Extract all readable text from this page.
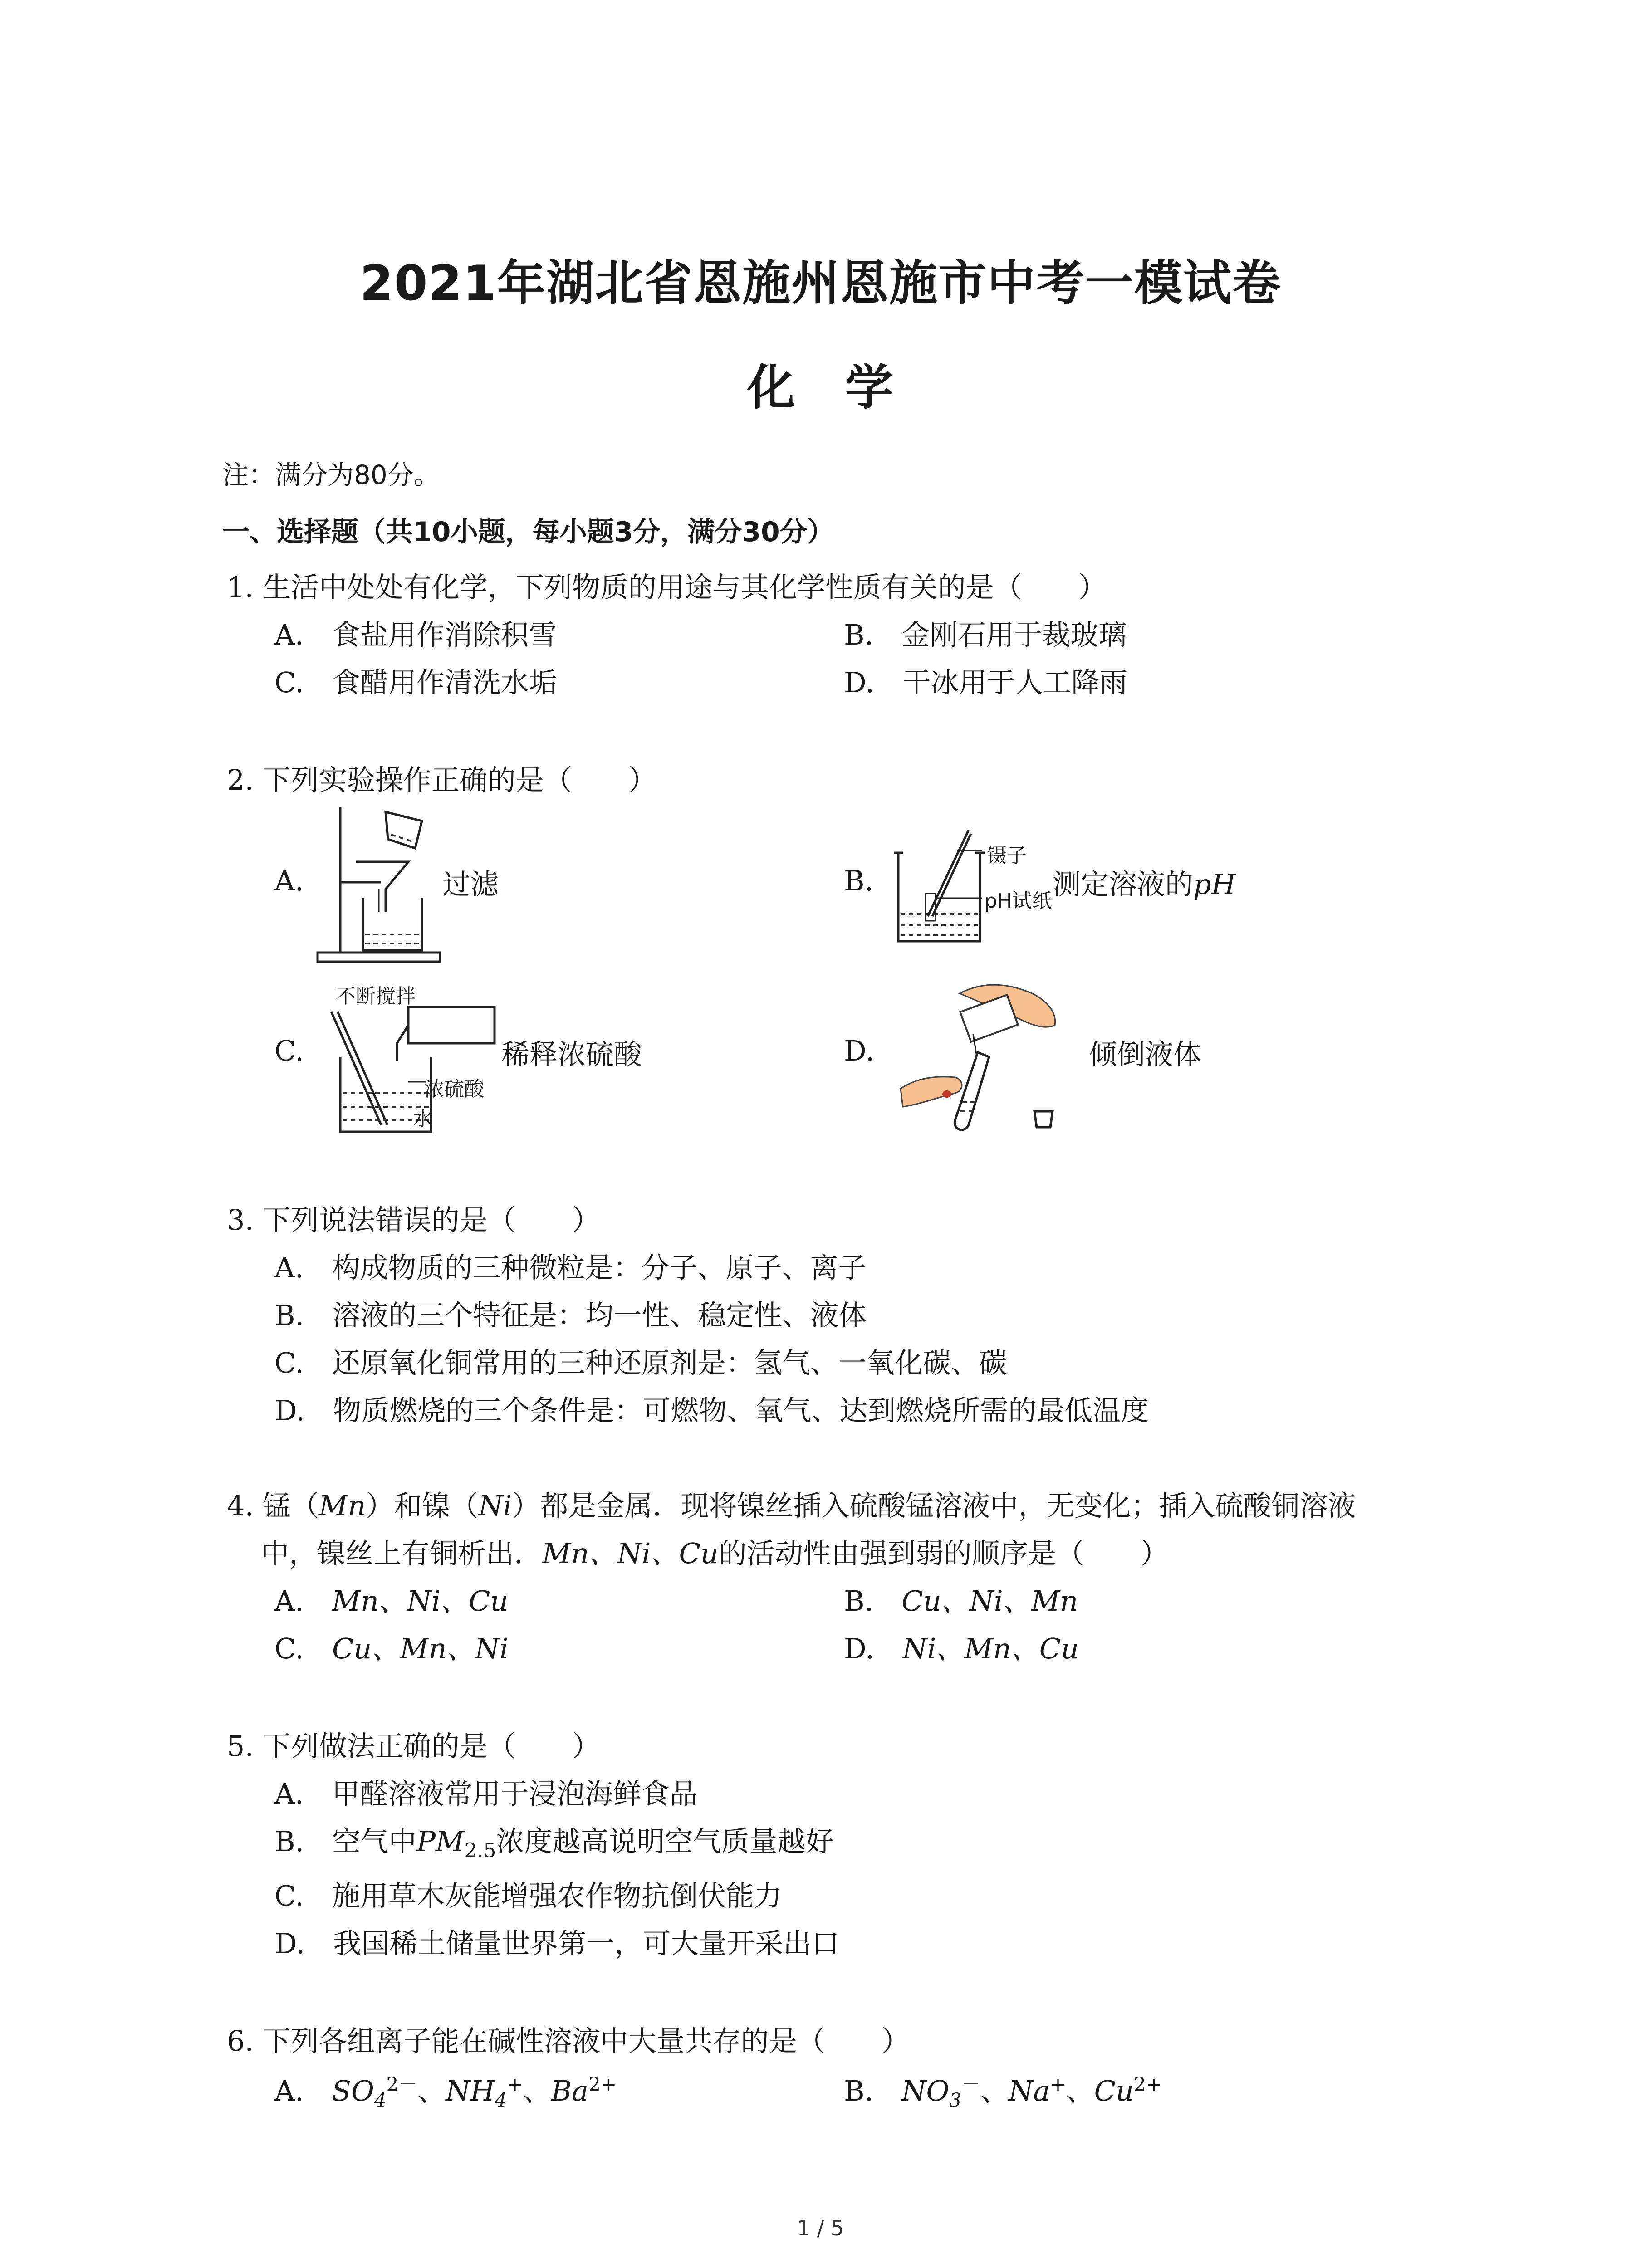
2021年湖北省恩施州恩施市中考一模试卷
化　学
注：满分为80分。
一、选择题（共10小题，每小题3分，满分30分）
1. 生活中处处有化学，下列物质的用途与其化学性质有关的是（　　）
A.　食盐用作消除积雪	B.　金刚石用于裁玻璃
C.　食醋用作清洗水垢	D.　干冰用于人工降雨
2. 下列实验操作正确的是（　　）
A.	过滤	B.
镊子
pH试纸
测定溶液的pH
C.
不断搅拌
浓硫酸
水
稀释浓硫酸	D.	倾倒液体
3. 下列说法错误的是（　　）
A.　构成物质的三种微粒是：分子、原子、离子
B.　溶液的三个特征是：均一性、稳定性、液体
C.　还原氧化铜常用的三种还原剂是：氢气、一氧化碳、碳
D.　物质燃烧的三个条件是：可燃物、氧气、达到燃烧所需的最低温度
4. 锰（Mn）和镍（Ni）都是金属．现将镍丝插入硫酸锰溶液中，无变化；插入硫酸铜溶液
中，镍丝上有铜析出．Mn、Ni、Cu的活动性由强到弱的顺序是（　　）
A.　 Mn、Ni、Cu	B.　 Cu、Ni、Mn
C.　 Cu、Mn、Ni	D.　 Ni、Mn、Cu
5. 下列做法正确的是（　　）
A.　甲醛溶液常用于浸泡海鲜食品
B.　空气中$PM_{2.5}$浓度越高说明空气质量越好
C.　施用草木灰能增强农作物抗倒伏能力
D.　我国稀土储量世界第一，可大量开采出口
6. 下列各组离子能在碱性溶液中大量共存的是（　　）
A.　 $SO_4^{2-}$、$NH_4^+$、$Ba^{2+}$	B.　 $NO_3^-$、Na+、$Cu^{2+}$
1 / 5
